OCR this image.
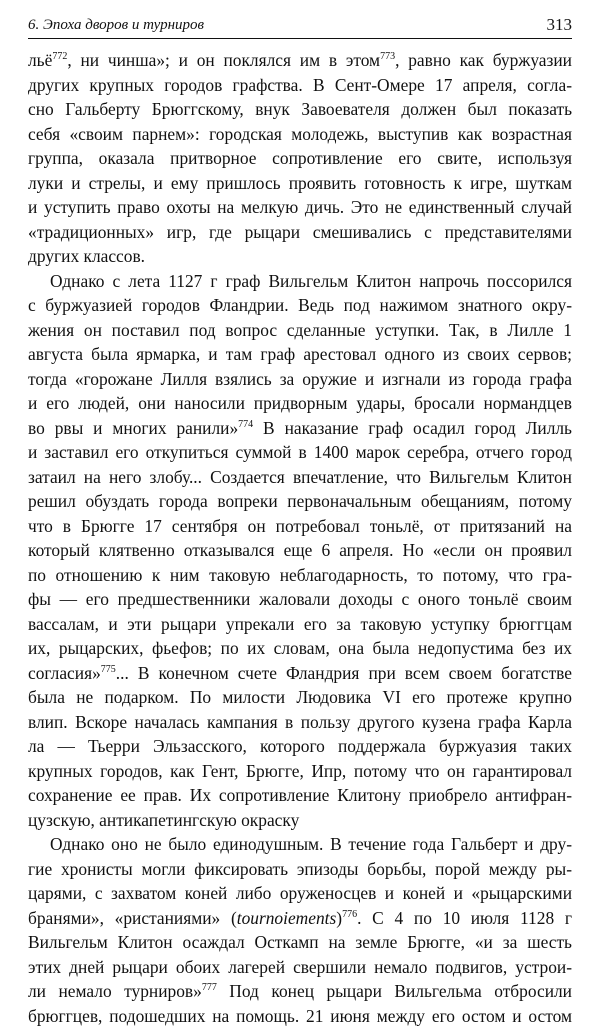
6. Эпоха дворов и турниров	313
льё$^{772}$, ни чинша»; и он поклялся им в этом$^{773}$, равно как буржуазии
других крупных городов графства. В Сент-Омере 17 апреля, согла-
сно Гальберту Брюггскому, внук Завоевателя должен был показать
себя «своим парнем»: городская молодежь, выступив как возрастная
группа, оказала притворное сопротивление его свите, используя
луки и стрелы, и ему пришлось проявить готовность к игре, шуткам
и уступить право охоты на мелкую дичь. Это не единственный случай
«традиционных» игр, где рыцари смешивались с представителями
других классов.
Однако с лета 1127 г граф Вильгельм Клитон напрочь поссорился
с буржуазией городов Фландрии. Ведь под нажимом знатного окру-
жения он поставил под вопрос сделанные уступки. Так, в Лилле 1
августа была ярмарка, и там граф арестовал одного из своих сервов;
тогда «горожане Лилля взялись за оружие и изгнали из города графа
и его людей, они наносили придворным удары, бросали нормандцев
во рвы и многих ранили»$^{774}$ В наказание граф осадил город Лилль
и заставил его откупиться суммой в 1400 марок серебра, отчего город
затаил на него злобу... Создается впечатление, что Вильгельм Клитон
решил обуздать города вопреки первоначальным обещаниям, потому
что в Брюгге 17 сентября он потребовал тоньлё, от притязаний на
который клятвенно отказывался еще 6 апреля. Но «если он проявил
по отношению к ним таковую неблагодарность, то потому, что гра-
фы — его предшественники жаловали доходы с оного тоньлё своим
вассалам, и эти рыцари упрекали его за таковую уступку брюггцам
их, рыцарских, фьефов; по их словам, она была недопустима без их
согласия»$^{775}$... В конечном счете Фландрия при всем своем богатстве
была не подарком. По милости Людовика VI его протеже крупно
влип. Вскоре началась кампания в пользу другого кузена графа Карла
ла — Тьерри Эльзасского, которого поддержала буржуазия таких
крупных городов, как Гент, Брюгге, Ипр, потому что он гарантировал
сохранение ее прав. Их сопротивление Клитону приобрело антифран-
цузскую, антикапетингскую окраску
Однако оно не было единодушным. В течение года Гальберт и дру-
гие хронисты могли фиксировать эпизоды борьбы, порой между ры-
царями, с захватом коней либо оруженосцев и коней и «рыцарскими
бранями», «ристаниями» (tournoiements)$^{776}$. С 4 по 10 июля 1128 г
Вильгельм Клитон осаждал Осткамп на земле Брюгге, «и за шесть
этих дней рыцари обоих лагерей свершили немало подвигов, устрои-
ли немало турниров»$^{777}$ Под конец рыцари Вильгельма отбросили
брюггцев, подошедших на помощь. 21 июня между его остом и остом
